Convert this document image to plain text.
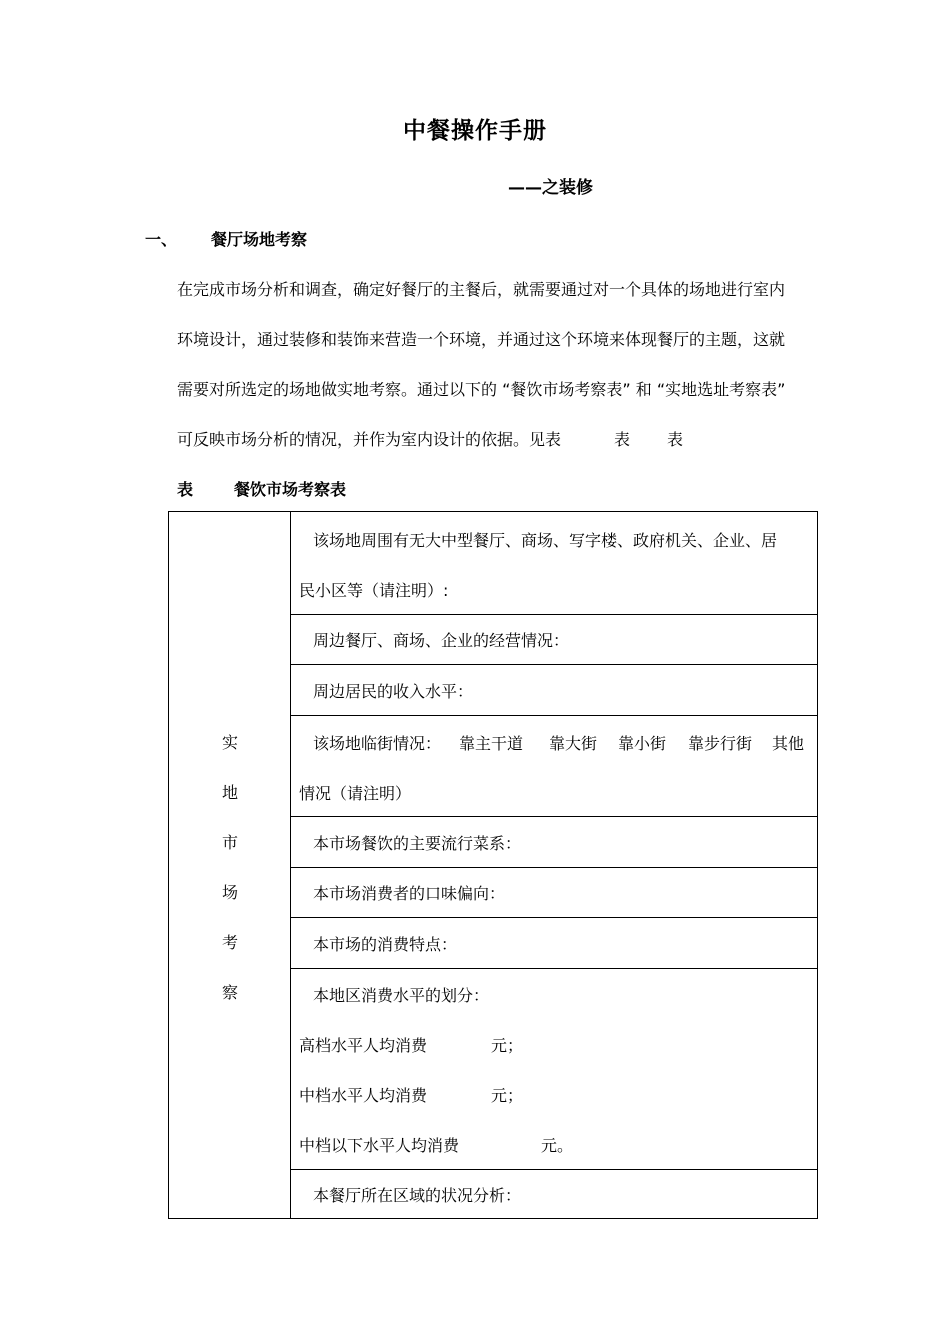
中餐操作手册
——之装修
一、 餐厅场地考察
在完成市场分析和调查，确定好餐厅的主餐后，就需要通过对一个具体的场地进行室内
环境设计，通过装修和装饰来营造一个环境，并通过这个环境来体现餐厅的主题，这就
需要对所选定的场地做实地考察。通过以下的 “餐饮市场考察表” 和 “实地选址考察表”
可反映市场分析的情况，并作为室内设计的依据。见表	表 表
表	餐饮市场考察表
实
地
市
场
考
察
该场地周围有无大中型餐厅、商场、写字楼、政府机关、企业、居
民小区等（请注明）:
周边餐厅、商场、企业的经营情况：
周边居民的收入水平：
该场地临街情况： 靠主干道 靠大街 靠小街 靠步行街 其他
情况（请注明）
本市场餐饮的主要流行菜系：
本市场消费者的口味偏向：
本市场的消费特点：
本地区消费水平的划分：
高档水平人均消费	元；
中档水平人均消费	元；
中档以下水平人均消费	元。
本餐厅所在区域的状况分析：
